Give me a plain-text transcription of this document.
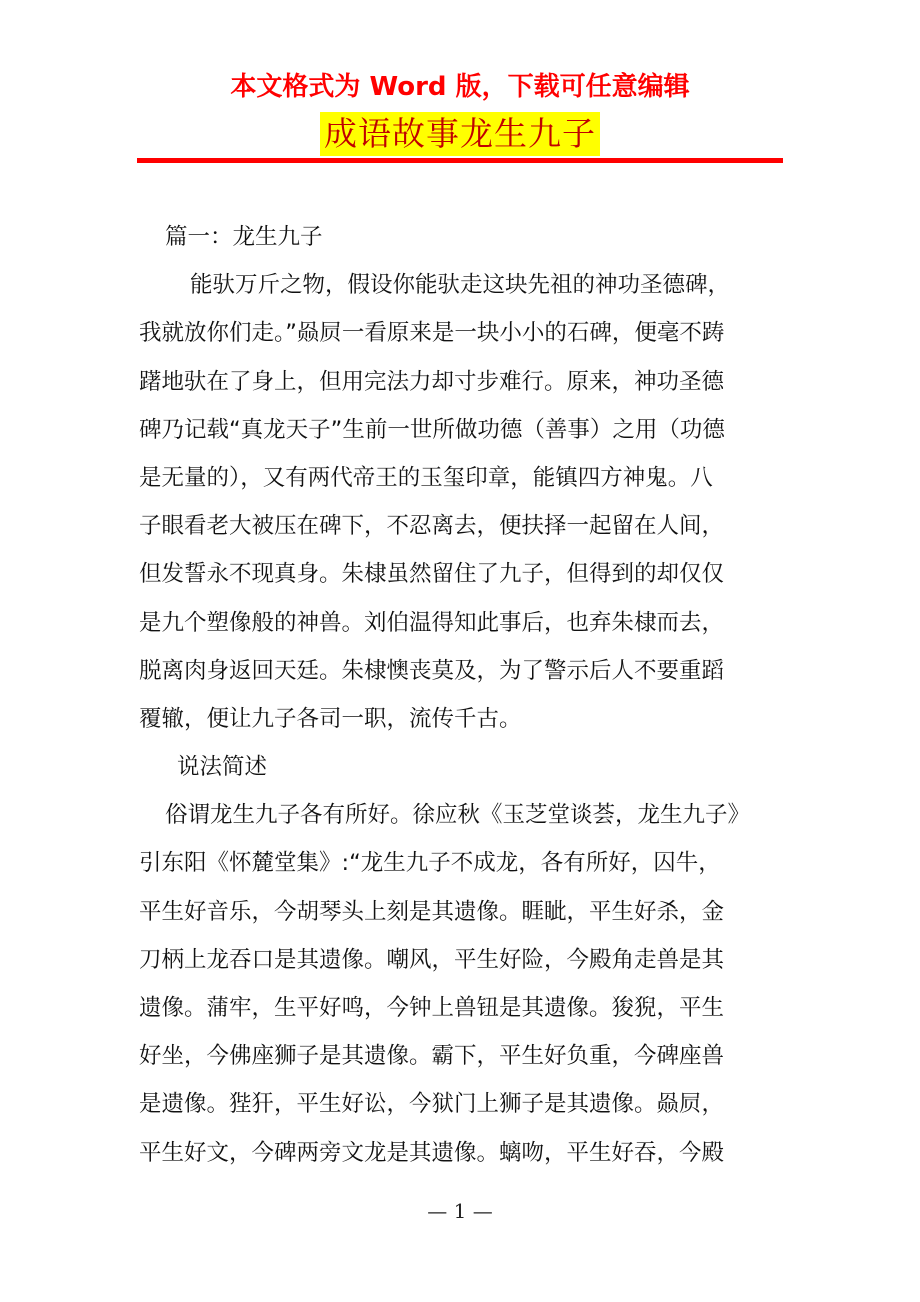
本文格式为 Word 版，下载可任意编辑
成语故事龙生九子
篇一：龙生九子
能驮万斤之物，假设你能驮走这块先祖的神功圣德碑，
我就放你们走。”赑屃一看原来是一块小小的石碑，便毫不踌
躇地驮在了身上，但用完法力却寸步难行。原来，神功圣德
碑乃记载“真龙天子”生前一世所做功德（善事）之用（功德
是无量的），又有两代帝王的玉玺印章，能镇四方神鬼。八
子眼看老大被压在碑下，不忍离去，便扶择一起留在人间，
但发誓永不现真身。朱棣虽然留住了九子，但得到的却仅仅
是九个塑像般的神兽。刘伯温得知此事后，也弃朱棣而去，
脱离肉身返回天廷。朱棣懊丧莫及，为了警示后人不要重蹈
覆辙，便让九子各司一职，流传千古。
说法简述
俗谓龙生九子各有所好。徐应秋《玉芝堂谈荟，龙生九子》
引东阳《怀麓堂集》:“龙生九子不成龙，各有所好，囚牛，
平生好音乐，今胡琴头上刻是其遗像。睚眦，平生好杀，金
刀柄上龙吞口是其遗像。嘲风，平生好险，今殿角走兽是其
遗像。蒲牢，生平好鸣，今钟上兽钮是其遗像。狻猊，平生
好坐，今佛座狮子是其遗像。霸下，平生好负重，今碑座兽
是遗像。狴犴，平生好讼，今狱门上狮子是其遗像。赑屃，
平生好文，今碑两旁文龙是其遗像。螭吻，平生好吞，今殿
— 1 —
